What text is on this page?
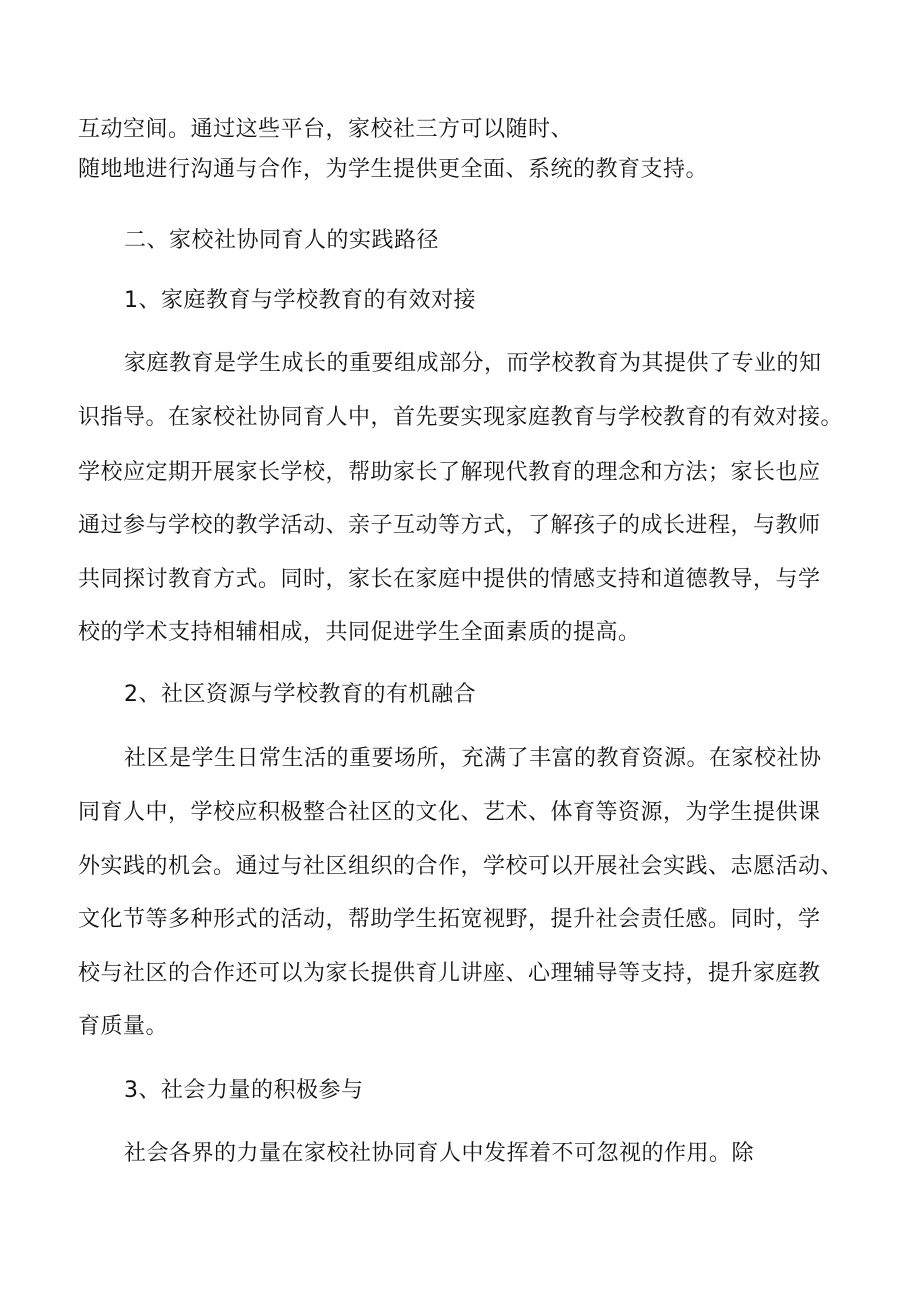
互动空间。通过这些平台，家校社三方可以随时、
随地地进行沟通与合作，为学生提供更全面、系统的教育支持。
二、家校社协同育人的实践路径
1、家庭教育与学校教育的有效对接
家庭教育是学生成长的重要组成部分，而学校教育为其提供了专业的知
识指导。在家校社协同育人中，首先要实现家庭教育与学校教育的有效对接。
学校应定期开展家长学校，帮助家长了解现代教育的理念和方法；家长也应
通过参与学校的教学活动、亲子互动等方式，了解孩子的成长进程，与教师
共同探讨教育方式。同时，家长在家庭中提供的情感支持和道德教导，与学
校的学术支持相辅相成，共同促进学生全面素质的提高。
2、社区资源与学校教育的有机融合
社区是学生日常生活的重要场所，充满了丰富的教育资源。在家校社协
同育人中，学校应积极整合社区的文化、艺术、体育等资源，为学生提供课
外实践的机会。通过与社区组织的合作，学校可以开展社会实践、志愿活动、
文化节等多种形式的活动，帮助学生拓宽视野，提升社会责任感。同时，学
校与社区的合作还可以为家长提供育儿讲座、心理辅导等支持，提升家庭教
育质量。
3、社会力量的积极参与
社会各界的力量在家校社协同育人中发挥着不可忽视的作用。除
